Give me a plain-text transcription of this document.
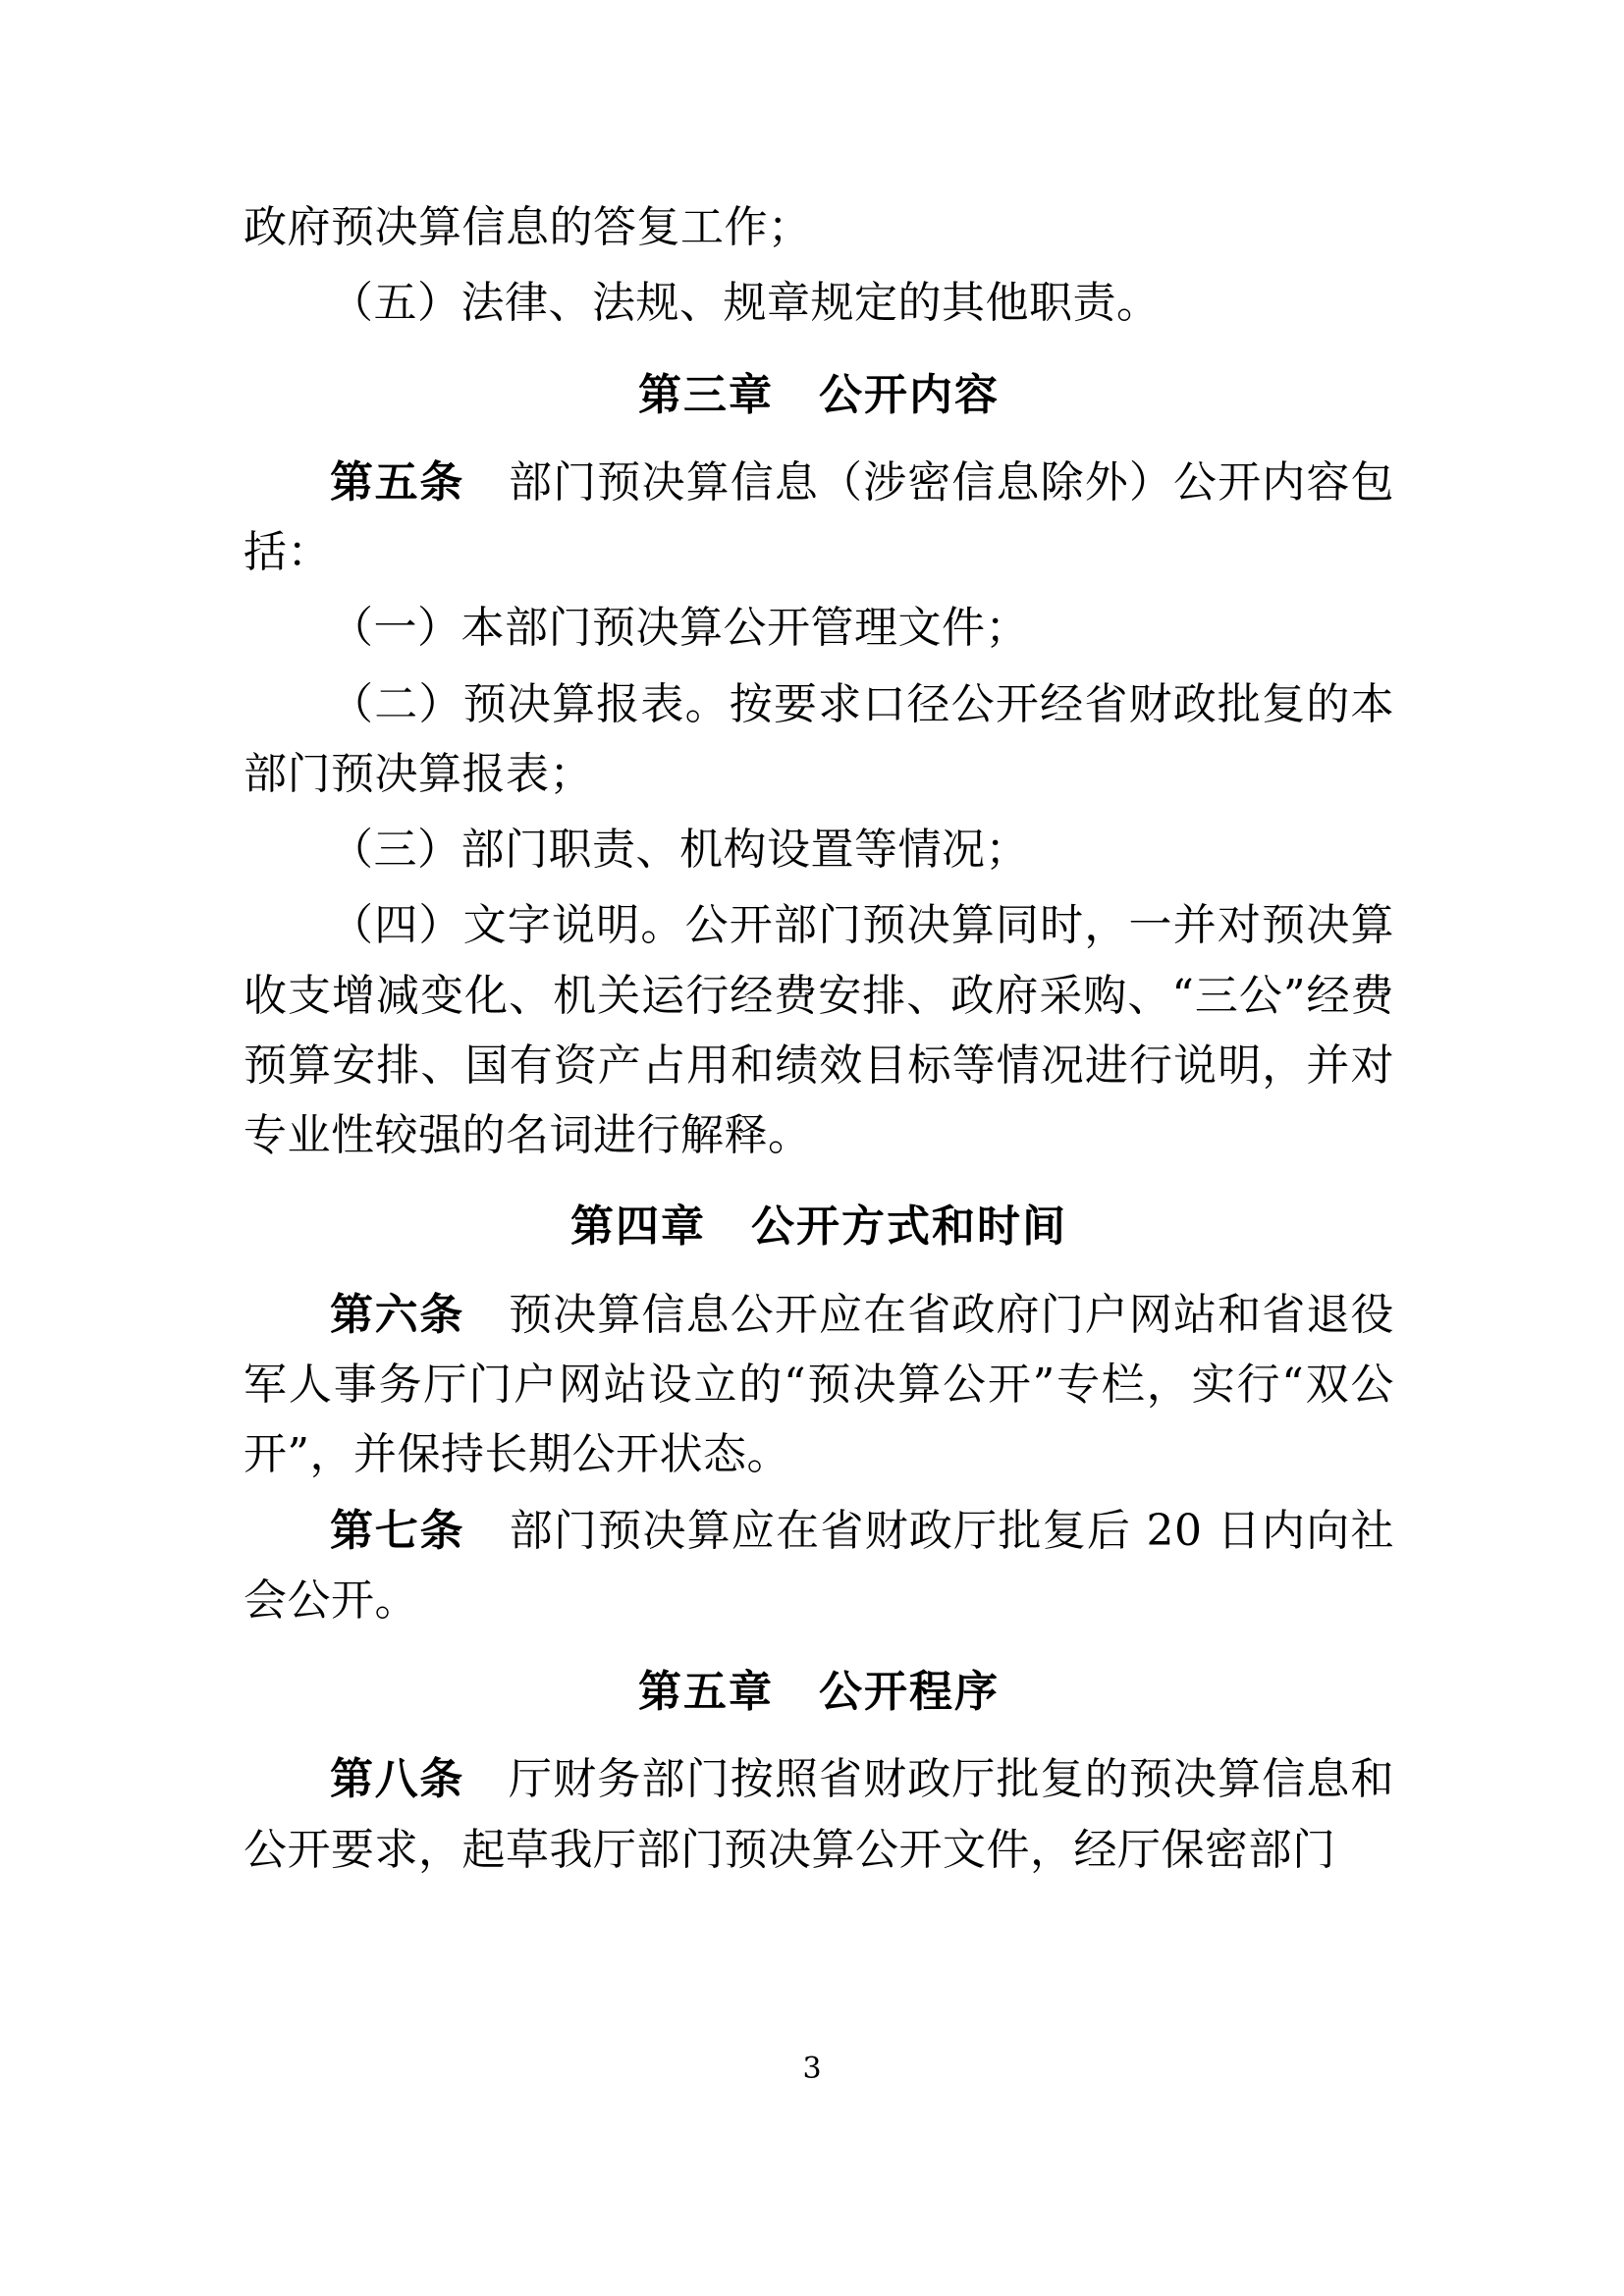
政府预决算信息的答复工作；

（五）法律、法规、规章规定的其他职责。

第三章　公开内容

第五条　 部门预决算信息（涉密信息除外）公开内容包括：

（一）本部门预决算公开管理文件；

（二）预决算报表。按要求口径公开经省财政批复的本部门预决算报表；

（三）部门职责、机构设置等情况；

（四）文字说明。公开部门预决算同时，一并对预决算收支增减变化、机关运行经费安排、政府采购、“三公”经费预算安排、国有资产占用和绩效目标等情况进行说明，并对专业性较强的名词进行解释。

第四章　公开方式和时间

第六条　 预决算信息公开应在省政府门户网站和省退役军人事务厅门户网站设立的“预决算公开”专栏，实行“双公开”，并保持长期公开状态。

第七条　 部门预决算应在省财政厅批复后 20 日内向社会公开。

第五章　公开程序

第八条　 厅财务部门按照省财政厅批复的预决算信息和公开要求，起草我厅部门预决算公开文件，经厅保密部门

3
